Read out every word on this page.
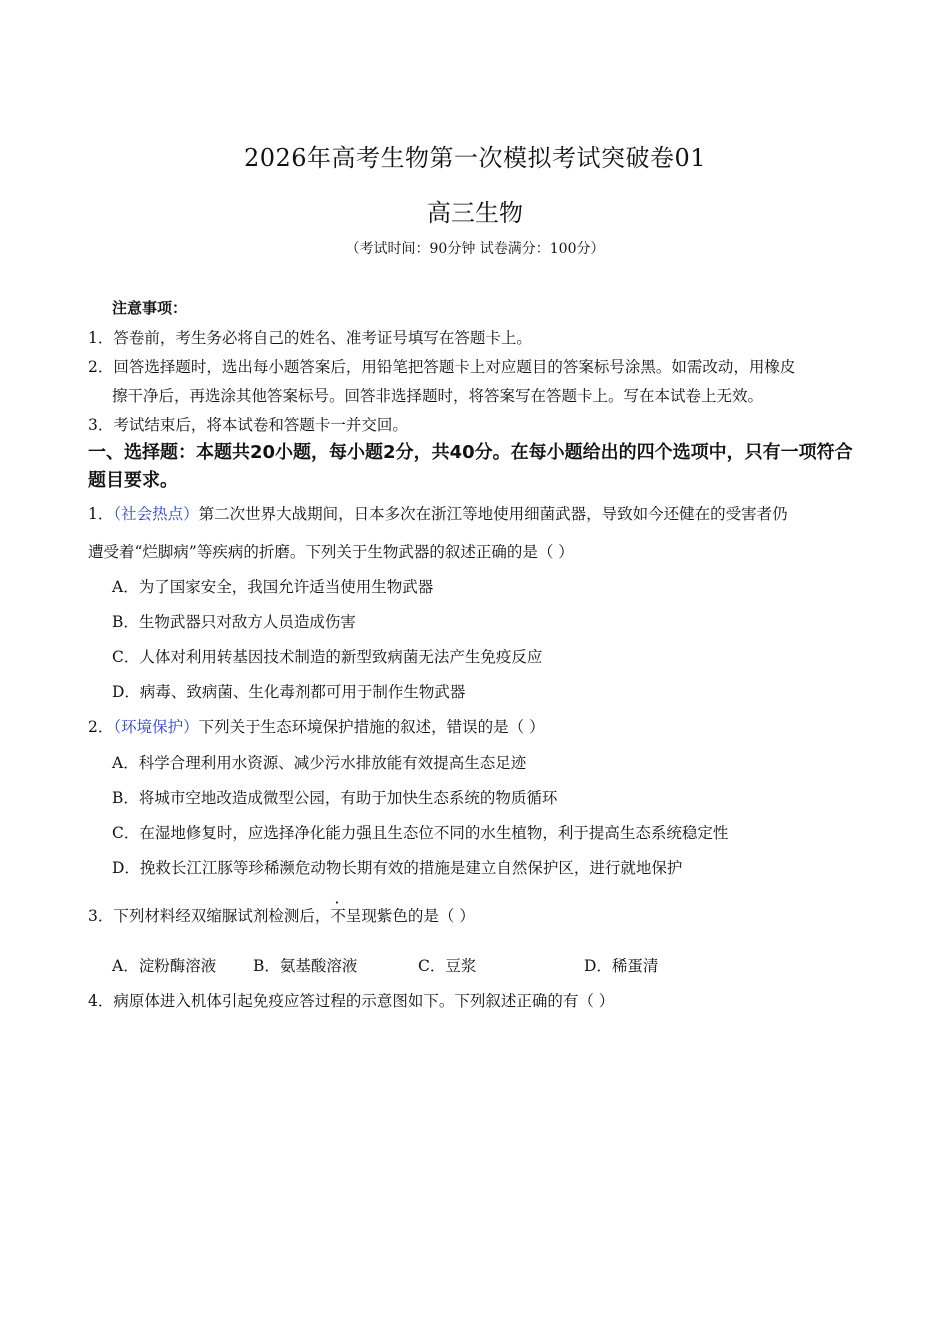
2026年高考生物第一次模拟考试突破卷01
高三生物
（考试时间：90分钟 试卷满分：100分）
注意事项：
1．答卷前，考生务必将自己的姓名、准考证号填写在答题卡上。
2．回答选择题时，选出每小题答案后，用铅笔把答题卡上对应题目的答案标号涂黑。如需改动，用橡皮
擦干净后，再选涂其他答案标号。回答非选择题时，将答案写在答题卡上。写在本试卷上无效。
3．考试结束后，将本试卷和答题卡一并交回。
一、选择题：本题共20小题，每小题2分，共40分。在每小题给出的四个选项中，只有一项符合题目要求。
1．（社会热点）第二次世界大战期间，日本多次在浙江等地使用细菌武器，导致如今还健在的受害者仍
遭受着“烂脚病”等疾病的折磨。下列关于生物武器的叙述正确的是（ ）
A．为了国家安全，我国允许适当使用生物武器
B．生物武器只对敌方人员造成伤害
C．人体对利用转基因技术制造的新型致病菌无法产生免疫反应
D．病毒、致病菌、生化毒剂都可用于制作生物武器
2．（环境保护）下列关于生态环境保护措施的叙述，错误的是（ ）
A．科学合理利用水资源、减少污水排放能有效提高生态足迹
B．将城市空地改造成微型公园，有助于加快生态系统的物质循环
C．在湿地修复时，应选择净化能力强且生态位不同的水生植物，利于提高生态系统稳定性
D．挽救长江江豚等珍稀濒危动物长期有效的措施是建立自然保护区，进行就地保护
3．下列材料经双缩脲试剂检测后，不呈现紫色的是（ ）
A．淀粉酶溶液 B．氨基酸溶液	C．豆浆	D．稀蛋清
4．病原体进入机体引起免疫应答过程的示意图如下。下列叙述正确的有（ ）
